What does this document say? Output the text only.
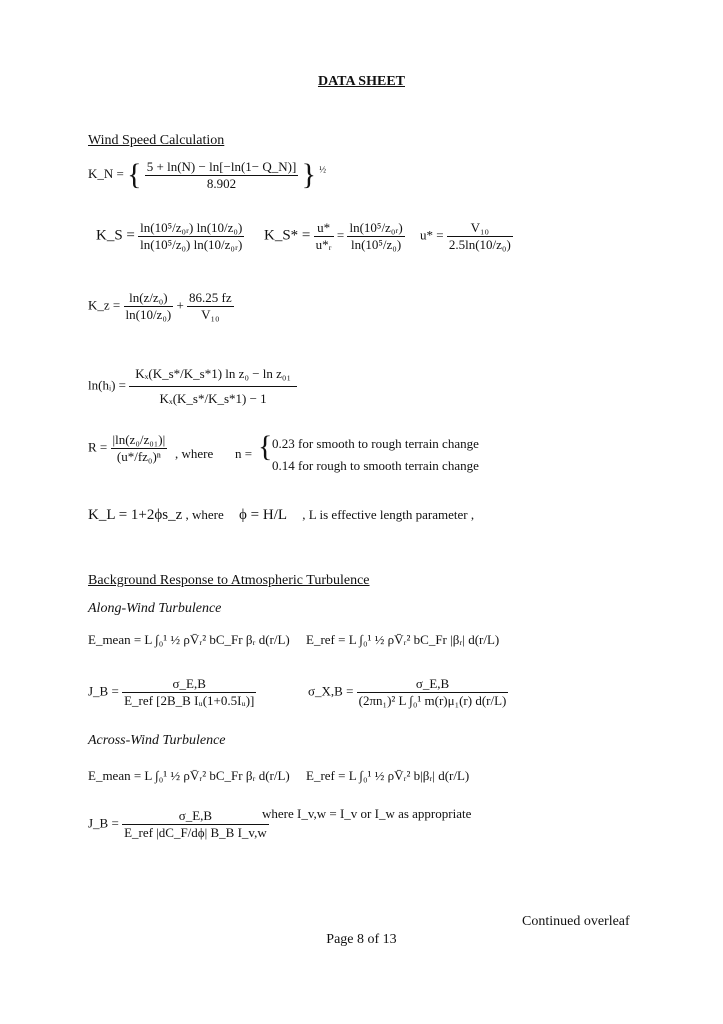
DATA SHEET
Wind Speed Calculation
K_N = { $\frac{5 + \ln(N) - \ln[-\ln(1- Q\_N)]}{8.902}$ } $^{\frac{1}{2}}$
K_S = $\frac{\text{ln(10⁵/z₀ᵣ) ln(10/z₀)}}{\text{ln(10⁵/z₀) ln(10/z₀ᵣ)}}$ K_S* = $\frac{u*}{\text{u*ᵣ}} = \frac{\text{ln(10⁵/z₀ᵣ)}}{\text{ln(10⁵/z₀)}} u* = \frac{\text{V₁₀}}{\text{2.5ln(10/z₀)}}$
K_z = $\frac{\text{ln(z/z₀)}}{\text{ln(10/z₀)}} + \frac{86.25 fz}{\text{V₁₀}}$
ln(hᵢ) = $\frac{\text{Kₓ(K\_s*/K\_s*1) ln z₀ − ln z₀₁}}{\text{Kₓ(K\_s*/K\_s*1) − 1}}$
$R = \frac{\text{|ln(z₀/z₀₁)|}}{\text{(u*/fz₀)ⁿ}}$ , where n = { 0.23 for smooth to rough terrain change
0.14 for rough to smooth terrain change
K_L = 1+2ϕs_z , where ϕ = H/L , L is effective length parameter ,
Background Response to Atmospheric Turbulence
Along-Wind Turbulence
E_mean = L ∫₀¹ ½ ρV̄ᵣ² bC_Fr βᵣ d(r/L) E_ref = L ∫₀¹ ½ ρV̄ᵣ² bC_Fr |βᵣ| d(r/L)
J_B = $\frac{\sigma\_E,B}{\text{E\_ref [2B\_B Iᵤ(1+0.5Iᵤ)]}}$	σ_X,B = $\frac{\sigma\_E,B}{\text{(2πn₁)² L ∫₀¹ m(r)μ₁(r) d(r/L)}}$
Across-Wind Turbulence
E_mean = L ∫₀¹ ½ ρV̄ᵣ² bC_Fr βᵣ d(r/L) E_ref = L ∫₀¹ ½ ρV̄ᵣ² b|βᵣ| d(r/L)
J_B = $\frac{\sigma\_E,B}{\text{E\_ref |dC\_F/dϕ| B\_B I\_v,w}}$
where I_v,w = I_v or I_w as appropriate
Continued overleaf
Page 8 of 13
